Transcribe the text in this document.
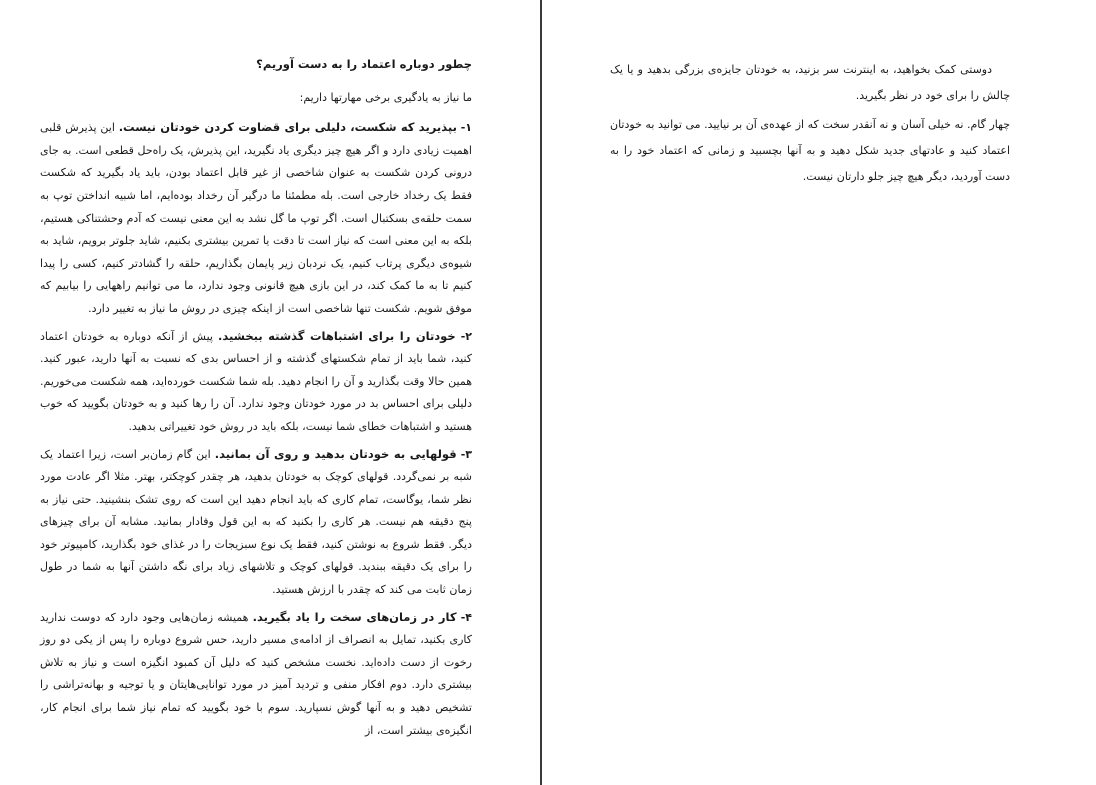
چطور دوباره اعتماد را به دست آوریم؟

ما نیاز به یادگیری برخی مهارتها داریم:

۱- بپذیرید که شکست، دلیلی برای قضاوت کردن خودتان نیست. این پذیرش قلبی اهمیت زیادی دارد و اگر هیچ چیز دیگری یاد نگیرید، این پذیرش، یک راه‌حل قطعی است. به جای درونی کردن شکست به عنوان شاخصی از غیر قابل اعتماد بودن، باید یاد بگیرید که شکست فقط یک رخداد خارجی است. بله مطمئنا ما درگیر آن رخداد بوده‌ایم، اما شبیه انداختن توپ به سمت حلقه‌ی بسکتبال است. اگر توپ ما گل نشد به این معنی نیست که آدم وحشتناکی هستیم، بلکه به این معنی است که نیاز است تا دقت یا تمرین بیشتری بکنیم، شاید جلوتر برویم، شاید به شیوه‌ی دیگری پرتاب کنیم، یک نردبان زیر پایمان بگذاریم، حلقه را گشادتر کنیم، کسی را پیدا کنیم تا به ما کمک کند، در این بازی هیچ قانونی وجود ندارد، ما می توانیم راههایی را بیابیم که موفق شویم. شکست تنها شاخصی است از اینکه چیزی در روش ما نیاز به تغییر دارد.

۲- خودتان را برای اشتباهات گذشته ببخشید. پیش از آنکه دوباره به خودتان اعتماد کنید، شما باید از تمام شکستهای گذشته و از احساس بدی که نسبت به آنها دارید، عبور کنید. همین حالا وقت بگذارید و آن را انجام دهید. بله شما شکست خورده‌اید، همه شکست می‌خوریم. دلیلی برای احساس بد در مورد خودتان وجود ندارد. آن را رها کنید و به خودتان بگویید که خوب هستید و اشتباهات خطای شما نیست، بلکه باید در روش خود تغییراتی بدهید.

۳- قولهایی به خودتان بدهید و روی آن بمانید. این گام زمان‌بر است، زیرا اعتماد یک شبه بر نمی‌گردد. قولهای کوچک به خودتان بدهید، هر چقدر کوچکتر، بهتر. مثلا اگر عادت مورد نظر شما، یوگاست، تمام کاری که باید انجام دهید این است که روی تشک بنشینید. حتی نیاز به پنج دقیقه هم نیست. هر کاری را بکنید که به این قول وفادار بمانید. مشابه آن برای چیزهای دیگر. فقط شروع به نوشتن کنید، فقط یک نوع سبزیجات را در غذای خود بگذارید، کامپیوتر خود را برای یک دقیقه ببندید. قولهای کوچک و تلاشهای زیاد برای نگه داشتن آنها به شما در طول زمان ثابت می کند که چقدر با ارزش هستید.

۴- کار در زمان‌های سخت را یاد بگیرید. همیشه زمان‌هایی وجود دارد که دوست ندارید کاری بکنید، تمایل به انصراف از ادامه‌ی مسیر دارید، حس شروع دوباره را پس از یکی دو روز رخوت از دست داده‌اید. نخست مشخص کنید که دلیل آن کمبود انگیزه است و نیاز به تلاش بیشتری دارد. دوم افکار منفی و تردید آمیز در مورد توانایی‌هایتان و یا توجیه و بهانه‌تراشی را تشخیص دهید و به آنها گوش نسپارید. سوم با خود بگویید که تمام نیاز شما برای انجام کار، انگیزه‌ی بیشتر است، از

دوستی کمک بخواهید، به اینترنت سر بزنید، به خودتان جایزه‌ی بزرگی بدهید و یا یک چالش را برای خود در نظر بگیرید.

چهار گام. نه خیلی آسان و نه آنقدر سخت که از عهده‌ی آن بر نیایید. می توانید به خودتان اعتماد کنید و عادتهای جدید شکل دهید و به آنها بچسبید و زمانی که اعتماد خود را به دست آوردید، دیگر هیچ چیز جلو دارتان نیست.
